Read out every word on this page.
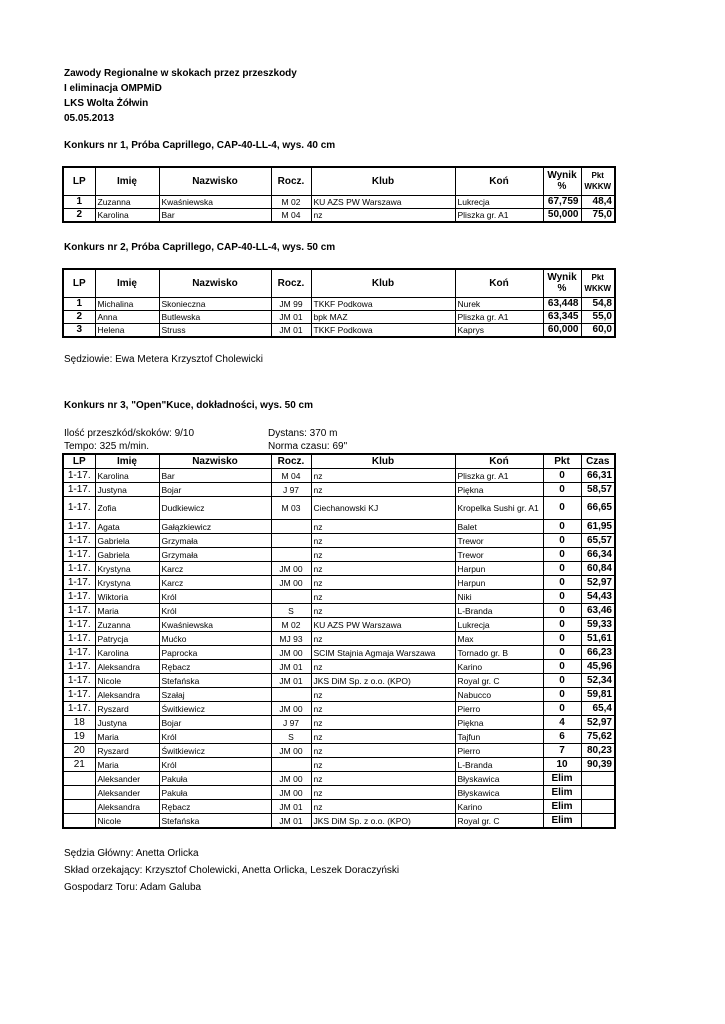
Zawody Regionalne w skokach przez przeszkody
I eliminacja OMPMiD
LKS Wolta Żółwin
05.05.2013
Konkurs nr 1, Próba Caprillego, CAP-40-LL-4, wys. 40 cm
LP	Imię	Nazwisko	Rocz.	Klub	Koń	Wynik %	Pkt WKKW
1	Zuzanna	Kwaśniewska	M 02	KU AZS PW Warszawa	Lukrecja	67,759	48,4
2	Karolina	Bar	M 04	nz	Pliszka gr. A1	50,000	75,0
Konkurs nr 2, Próba Caprillego, CAP-40-LL-4, wys. 50 cm
LP	Imię	Nazwisko	Rocz.	Klub	Koń	Wynik %	Pkt WKKW
1	Michalina	Skonieczna	JM 99	TKKF Podkowa	Nurek	63,448	54,8
2	Anna	Butlewska	JM 01	bpk MAZ	Pliszka gr. A1	63,345	55,0
3	Helena	Struss	JM 01	TKKF Podkowa	Kaprys	60,000	60,0
Sędziowie: Ewa Metera Krzysztof Cholewicki
Konkurs nr 3, "Open"Kuce, dokładności, wys. 50 cm
Ilość przeszkód/skoków: 9/10
Tempo: 325 m/min.
Dystans: 370 m
Norma czasu: 69"
LP	Imię	Nazwisko	Rocz.	Klub	Koń	Pkt	Czas
1-17.	Karolina	Bar	M 04	nz	Pliszka gr. A1	0	66,31
1-17.	Justyna	Bojar	J 97	nz	Piękna	0	58,57
1-17.	Zofia	Dudkiewicz	M 03	Ciechanowski KJ	Kropelka Sushi gr. A1	0	66,65
1-17.	Agata	Gałązkiewicz		nz	Balet	0	61,95
1-17.	Gabriela	Grzymała		nz	Trewor	0	65,57
1-17.	Gabriela	Grzymała		nz	Trewor	0	66,34
1-17.	Krystyna	Karcz	JM 00	nz	Harpun	0	60,84
1-17.	Krystyna	Karcz	JM 00	nz	Harpun	0	52,97
1-17.	Wiktoria	Król		nz	Niki	0	54,43
1-17.	Maria	Król	S	nz	L-Branda	0	63,46
1-17.	Zuzanna	Kwaśniewska	M 02	KU AZS PW Warszawa	Lukrecja	0	59,33
1-17.	Patrycja	Mućko	MJ 93	nz	Max	0	51,61
1-17.	Karolina	Paprocka	JM 00	SCIM Stajnia Agmaja Warszawa	Tornado gr. B	0	66,23
1-17.	Aleksandra	Rębacz	JM 01	nz	Karino	0	45,96
1-17.	Nicole	Stefańska	JM 01	JKS DiM Sp. z o.o. (KPO)	Royal gr. C	0	52,34
1-17.	Aleksandra	Szałaj		nz	Nabucco	0	59,81
1-17.	Ryszard	Świtkiewicz	JM 00	nz	Pierro	0	65,4
18	Justyna	Bojar	J 97	nz	Piękna	4	52,97
19	Maria	Król	S	nz	Tajfun	6	75,62
20	Ryszard	Świtkiewicz	JM 00	nz	Pierro	7	80,23
21	Maria	Król		nz	L-Branda	10	90,39
	Aleksander	Pakuła	JM 00	nz	Błyskawica	Elim	
	Aleksander	Pakuła	JM 00	nz	Błyskawica	Elim	
	Aleksandra	Rębacz	JM 01	nz	Karino	Elim	
	Nicole	Stefańska	JM 01	JKS DiM Sp. z o.o. (KPO)	Royal gr. C	Elim	
Sędzia Główny: Anetta Orlicka
Skład orzekający: Krzysztof Cholewicki, Anetta Orlicka, Leszek Doraczyński
Gospodarz Toru: Adam Galuba
